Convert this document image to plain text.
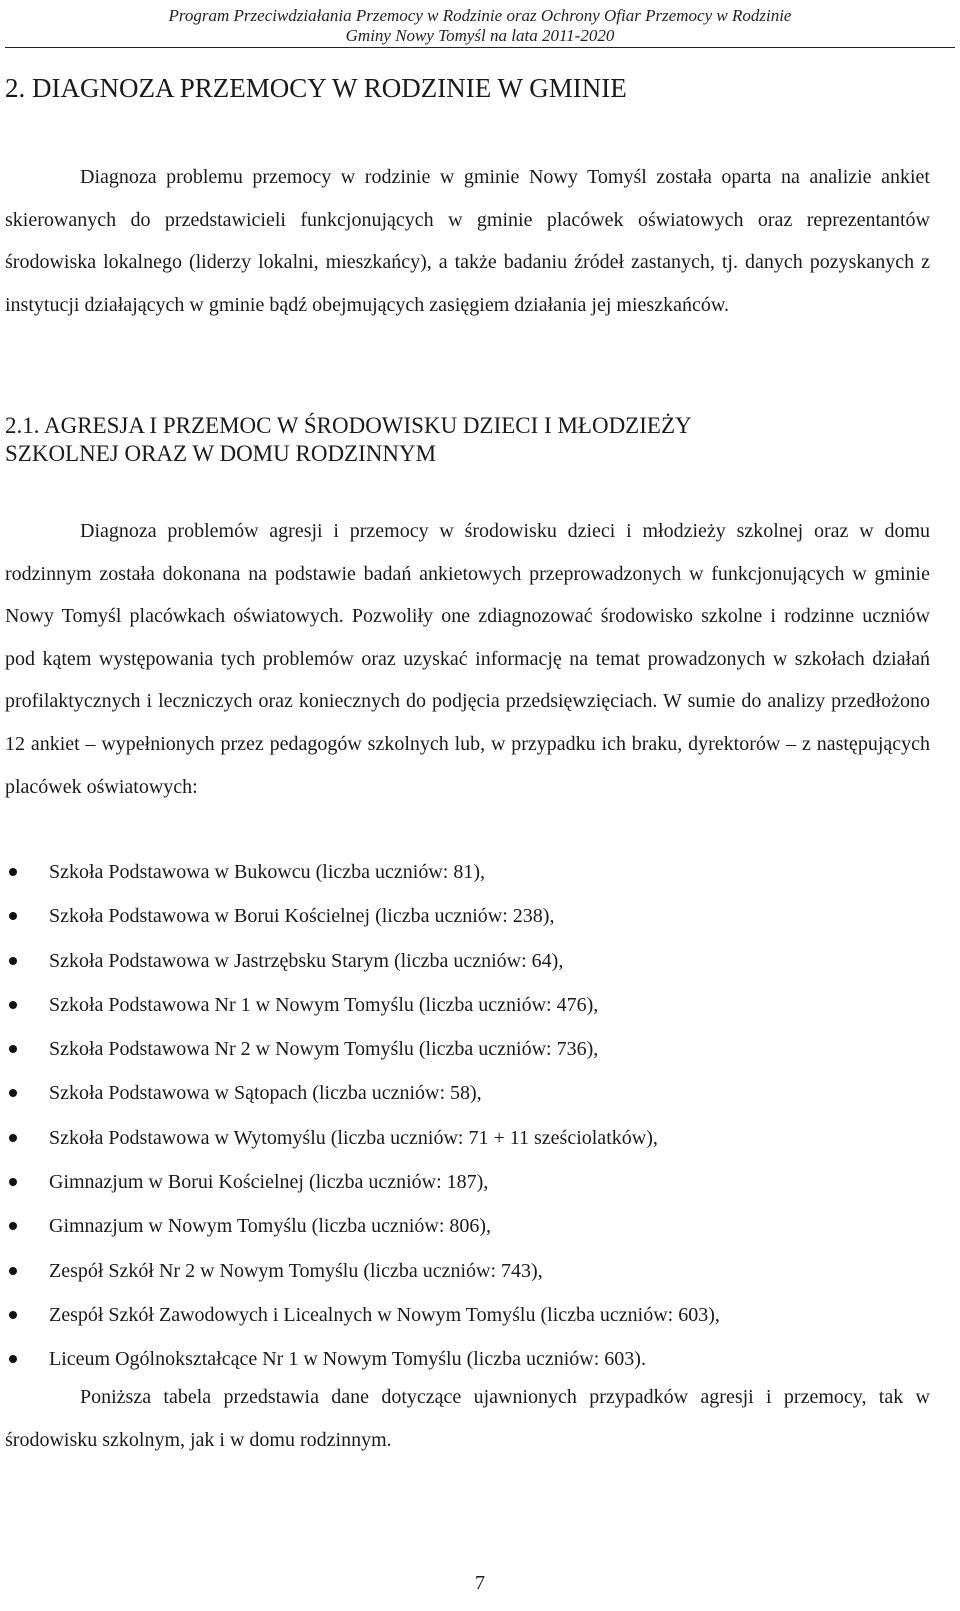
Program Przeciwdziałania Przemocy w Rodzinie oraz Ochrony Ofiar Przemocy w Rodzinie
Gminy Nowy Tomyśl na lata 2011-2020
2. DIAGNOZA PRZEMOCY W RODZINIE W GMINIE

Diagnoza problemu przemocy w rodzinie w gminie Nowy Tomyśl została oparta na analizie ankiet skierowanych do przedstawicieli funkcjonujących w gminie placówek oświatowych oraz reprezentantów środowiska lokalnego (liderzy lokalni, mieszkańcy), a także badaniu źródeł zastanych, tj. danych pozyskanych z instytucji działających w gminie bądź obejmujących zasięgiem działania jej mieszkańców.

2.1. AGRESJA I PRZEMOC W ŚRODOWISKU DZIECI I MŁODZIEŻY
SZKOLNEJ ORAZ W DOMU RODZINNYM

Diagnoza problemów agresji i przemocy w środowisku dzieci i młodzieży szkolnej oraz w domu rodzinnym została dokonana na podstawie badań ankietowych przeprowadzonych w funkcjonujących w gminie Nowy Tomyśl placówkach oświatowych. Pozwoliły one zdiagnozować środowisko szkolne i rodzinne uczniów pod kątem występowania tych problemów oraz uzyskać informację na temat prowadzonych w szkołach działań profilaktycznych i leczniczych oraz koniecznych do podjęcia przedsięwzięciach. W sumie do analizy przedłożono 12 ankiet – wypełnionych przez pedagogów szkolnych lub, w przypadku ich braku, dyrektorów – z następujących placówek oświatowych:

Szkoła Podstawowa w Bukowcu (liczba uczniów: 81),
Szkoła Podstawowa w Borui Kościelnej (liczba uczniów: 238),
Szkoła Podstawowa w Jastrzębsku Starym (liczba uczniów: 64),
Szkoła Podstawowa Nr 1 w Nowym Tomyślu (liczba uczniów: 476),
Szkoła Podstawowa Nr 2 w Nowym Tomyślu (liczba uczniów: 736),
Szkoła Podstawowa w Sątopach (liczba uczniów: 58),
Szkoła Podstawowa w Wytomyślu (liczba uczniów: 71 + 11 sześciolatków),
Gimnazjum w Borui Kościelnej (liczba uczniów: 187),
Gimnazjum w Nowym Tomyślu (liczba uczniów: 806),
Zespół Szkół Nr 2 w Nowym Tomyślu (liczba uczniów: 743),
Zespół Szkół Zawodowych i Licealnych w Nowym Tomyślu (liczba uczniów: 603),
Liceum Ogólnokształcące Nr 1 w Nowym Tomyślu (liczba uczniów: 603).

Poniższa tabela przedstawia dane dotyczące ujawnionych przypadków agresji i przemocy, tak w środowisku szkolnym, jak i w domu rodzinnym.

7
